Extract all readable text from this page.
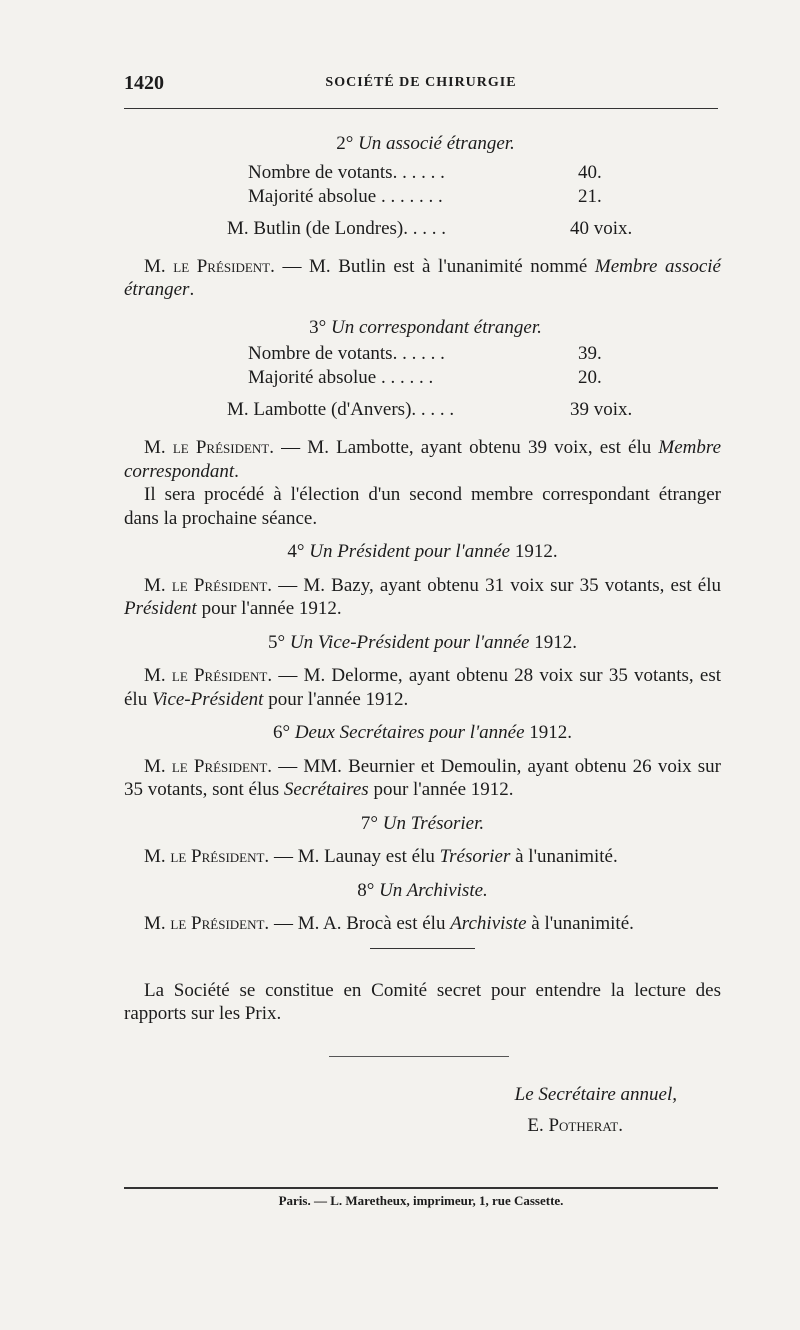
1420	SOCIÉTÉ DE CHIRURGIE
2° Un associé étranger.
Nombre de votants. . . . . .	40.
Majorité absolue . . . . . . .	21.
M. Butlin (de Londres). . . . .	40 voix.

M. le Président. — M. Butlin est à l'unanimité nommé Membre associé étranger.

3° Un correspondant étranger.
Nombre de votants. . . . . .	39.
Majorité absolue . . . . . .	20.
M. Lambotte (d'Anvers). . . . .	39 voix.

M. le Président. — M. Lambotte, ayant obtenu 39 voix, est élu Membre correspondant.

Il sera procédé à l'élection d'un second membre correspondant étranger dans la prochaine séance.

4° Un Président pour l'année 1912.

M. le Président. — M. Bazy, ayant obtenu 31 voix sur 35 votants, est élu Président pour l'année 1912.

5° Un Vice-Président pour l'année 1912.

M. le Président. — M. Delorme, ayant obtenu 28 voix sur 35 votants, est élu Vice-Président pour l'année 1912.

6° Deux Secrétaires pour l'année 1912.

M. le Président. — MM. Beurnier et Demoulin, ayant obtenu 26 voix sur 35 votants, sont élus Secrétaires pour l'année 1912.

7° Un Trésorier.

M. le Président. — M. Launay est élu Trésorier à l'unanimité.

8° Un Archiviste.

M. le Président. — M. A. Brocà est élu Archiviste à l'unanimité.

La Société se constitue en Comité secret pour entendre la lecture des rapports sur les Prix.

Le Secrétaire annuel,
E. Potherat.
Paris. — L. Maretheux, imprimeur, 1, rue Cassette.
